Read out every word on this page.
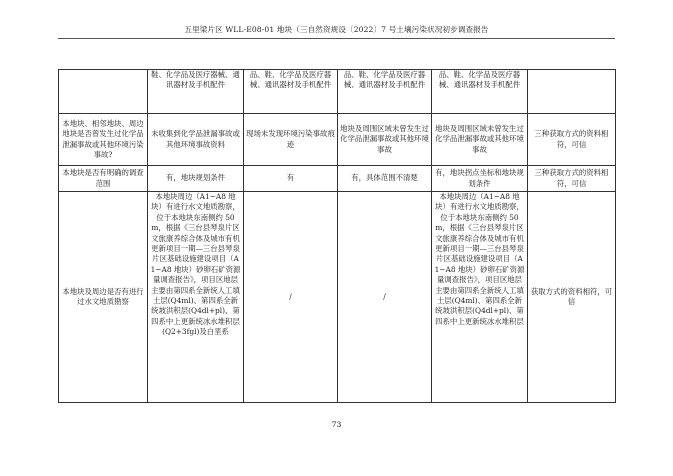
五里梁片区 WLL-E08-01 地块（三自然资规设〔2022〕7 号土壤污染状况初步调查报告
	鞋、化学品及医疗器械、通讯器材及手机配件	品、鞋、化学品及医疗器械、通讯器材及手机配件	品、鞋、化学品及医疗器械、通讯器材及手机配件	品、鞋、化学品及医疗器械、通讯器材及手机配件	
本地块、相邻地块、周边地块是否曾发生过化学品泄漏事故或其他环境污染事故?	未收集到化学品泄漏事故或其他环境事故资料	现场未发现环境污染事故痕迹	地块及周围区域未曾发生过化学品泄漏事故或其他环境事故	地块及周围区域未曾发生过化学品泄漏事故或其他环境事故	三种获取方式的资料相符，可信
本地块是否有明确的调查范围	有，地块规划条件	有	有，具体范围不清楚	有，地块拐点坐标和地块规划条件	三种获取方式的资料相符，可信
本地块及周边是否有进行过水文地质勘察	本地块周边（A1~A8 地块）有进行水文地质勘察，位于本地块东南侧约 50m，根据《三台县琴泉片区文旅康养综合体及城市有机更新项目一期—三台县琴泉片区基础设施建设项目（A1~A8 地块）砂卵石矿资源量调查报告》，项目区地层主要由第四系全新统人工填土层(Q4ml)、第四系全新统坡洪积层(Q4dl+pl)、第四系中上更新统冰水堆积层(Q2+3fgl)及白垩系	/	/	本地块周边（A1~A8 地块）有进行水文地质勘察，位于本地块东南侧约 50m，根据《三台县琴泉片区文旅康养综合体及城市有机更新项目一期—三台县琴泉片区基础设施建设项目（A1~A8 地块）砂卵石矿资源量调查报告》，项目区地层主要由第四系全新统人工填土层(Q4ml)、第四系全新统坡洪积层(Q4dl+pl)、第四系中上更新统冰水堆积层	获取方式的资料相符，可信
73
